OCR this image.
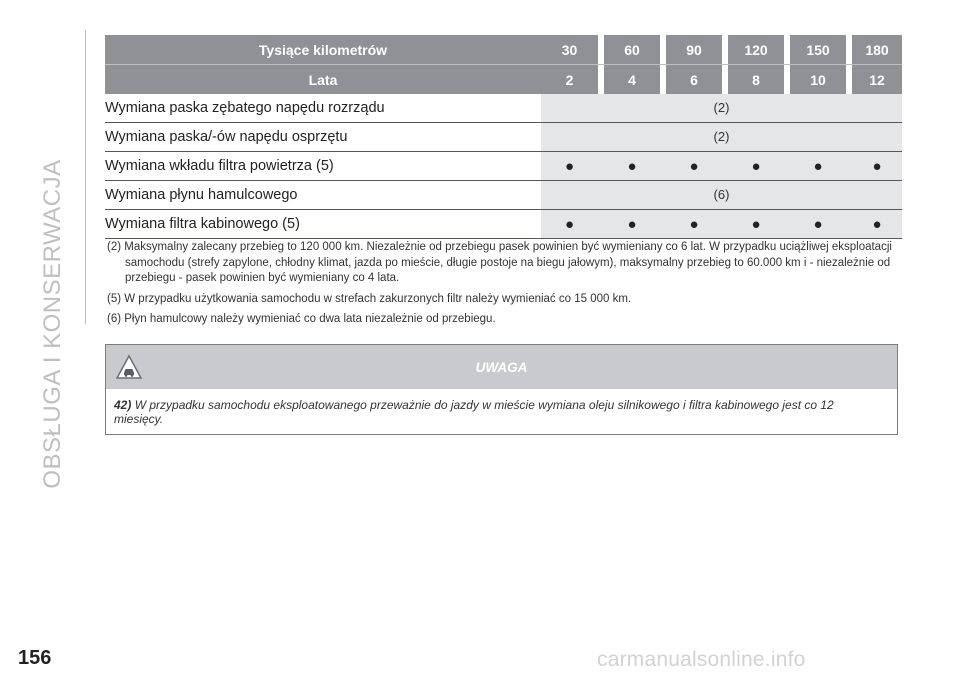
OBSŁUGA I KONSERWACJA
Tysiące kilometrów	30		60		90		120		150		180
Lata	2		4		6		8		10		12
Wymiana paska zębatego napędu rozrządu	(2)										
Wymiana paska/-ów napędu osprzętu	(2)										
Wymiana wkładu filtra powietrza (5)	●		●		●		●		●		●
Wymiana płynu hamulcowego	(6)										
Wymiana filtra kabinowego (5)	●		●		●		●		●		●

(2) Maksymalny zalecany przebieg to 120 000 km. Niezależnie od przebiegu pasek powinien być wymieniany co 6 lat. W przypadku uciążliwej eksploatacji

samochodu (strefy zapylone, chłodny klimat, jazda po mieście, długie postoje na biegu jałowym), maksymalny przebieg to 60.000 km i - niezależnie od
przebiegu - pasek powinien być wymieniany co 4 lata.

(5) W przypadku użytkowania samochodu w strefach zakurzonych filtr należy wymieniać co 15 000 km.

(6) Płyn hamulcowy należy wymieniać co dwa lata niezależnie od przebiegu.

UWAGA
42) W przypadku samochodu eksploatowanego przeważnie do jazdy w mieście wymiana oleju silnikowego i filtra kabinowego jest co 12
miesięcy.
156	carmanualsonline.info
